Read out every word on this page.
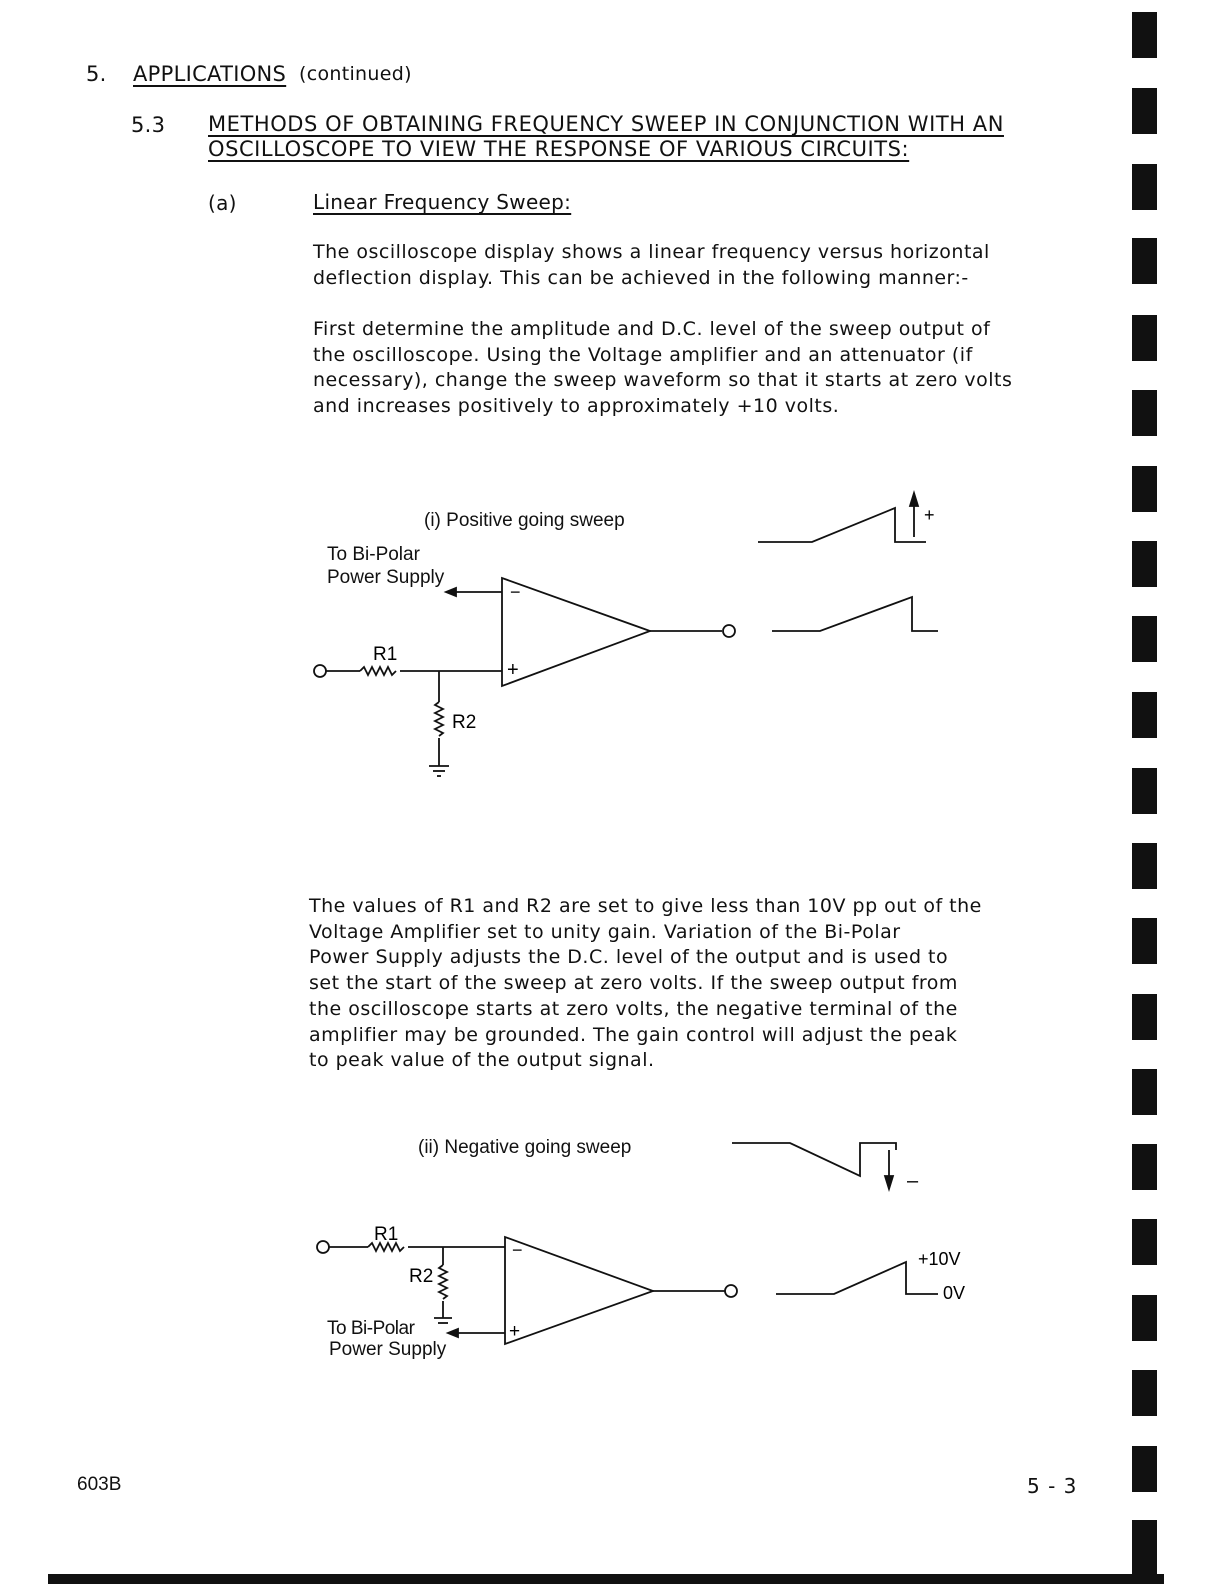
5. APPLICATIONS (continued)
5.3 METHODS OF OBTAINING FREQUENCY SWEEP IN CONJUNCTION WITH AN
OSCILLOSCOPE TO VIEW THE RESPONSE OF VARIOUS CIRCUITS:
(a)	Linear Frequency Sweep:

The oscilloscope display shows a linear frequency versus horizontal
deflection display. This can be achieved in the following manner:-

First determine the amplitude and D.C. level of the sweep output of
the oscilloscope. Using the Voltage amplifier and an attenuator (if
necessary), change the sweep waveform so that it starts at zero volts
and increases positively to approximately +10 volts.

The values of R1 and R2 are set to give less than 10V pp out of the
Voltage Amplifier set to unity gain. Variation of the Bi-Polar
Power Supply adjusts the D.C. level of the output and is used to
set the start of the sweep at zero volts. If the sweep output from
the oscilloscope starts at zero volts, the negative terminal of the
amplifier may be grounded. The gain control will adjust the peak
to peak value of the output signal.

−
+
+
R1
R2
(i) Positive going sweep
To Bi-Polar
Power Supply
−
+
–
R1
R2
+10V
0V
(ii) Negative going sweep
To Bi-Polar
Power Supply
603B	5 - 3
